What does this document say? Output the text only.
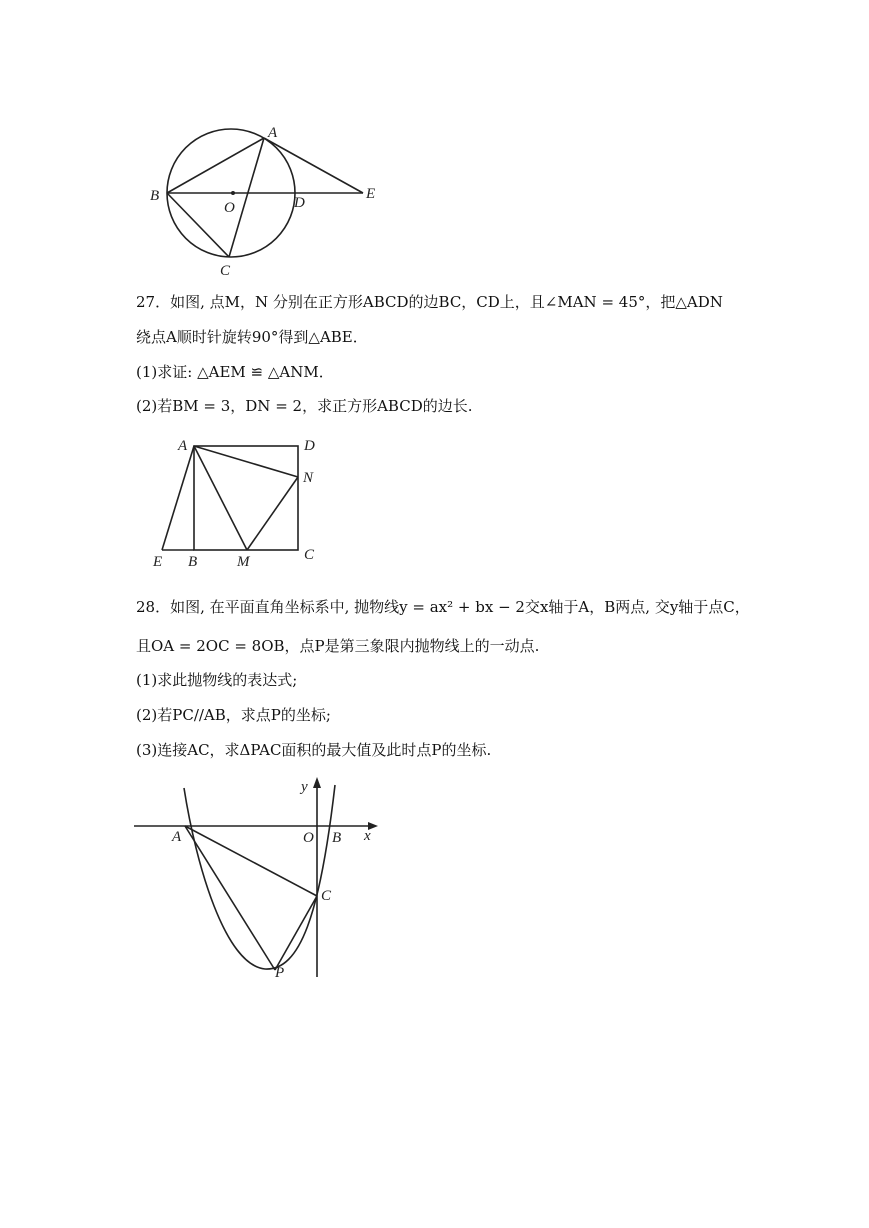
A
B
O	D
E
C
27．如图, 点M，N 分别在正方形ABCD的边BC，CD上，且∠MAN = 45°，把△ADN
绕点A顺时针旋转90°得到△ABE．
(1)求证: △AEM ≌ △ANM．
(2)若BM = 3，DN = 2，求正方形ABCD的边长.
A	D
N
E B	M	C
28．如图, 在平面直角坐标系中, 抛物线y = ax² + bx − 2交x轴于A，B两点, 交y轴于点C，
且OA = 2OC = 8OB，点P是第三象限内抛物线上的一动点.
(1)求此抛物线的表达式;
(2)若PC//AB，求点P的坐标;
(3)连接AC，求ΔPAC面积的最大值及此时点P的坐标.
y
x
A	O B
C
P
